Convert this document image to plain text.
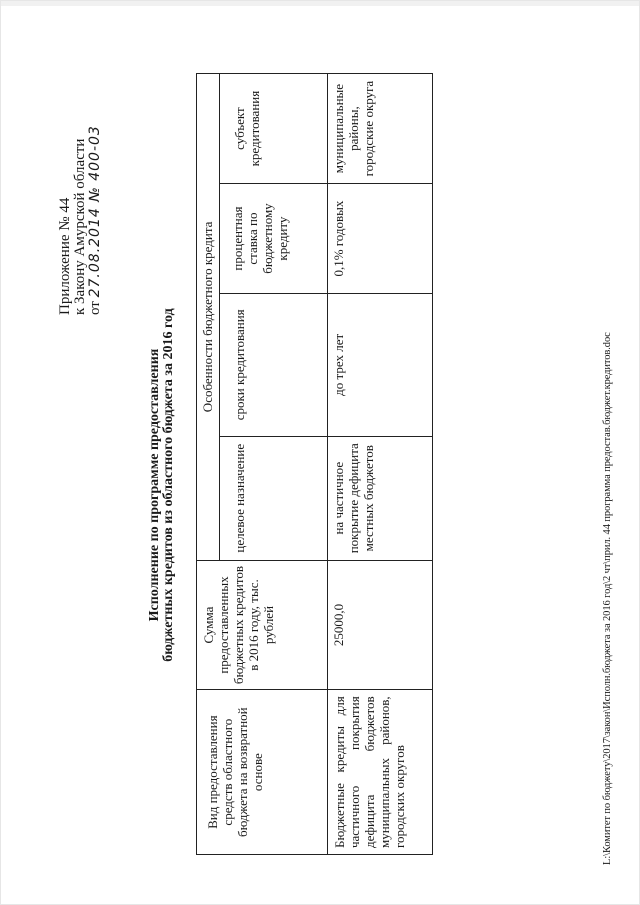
Приложение № 44 к Закону Амурской области от 27.08.2014 № 400-03
Исполнение по программе предоставления бюджетных кредитов из областного бюджета за 2016 год
Вид предоставления средств областного бюджета на возвратной основе	Сумма предоставленных бюджетных кредитов в 2016 году, тыс. рублей	Особенности бюджетного кредита			
		целевое назначение	сроки кредитования	процентная ставка по бюджетному кредиту	субъект кредитования
Бюджетные кредиты для частичного покрытия дефицита бюджетов муниципальных районов, городских округов	25000,0	на частичное покрытие дефицита местных бюджетов	до трех лет	0,1% годовых	муниципальные районы, городские округа
L:\Комитет по бюджету\2017\закон\Исполн.бюджета за 2016 год\2 чт\прил. 44 программа предостав.бюджет.кредитов.doc
